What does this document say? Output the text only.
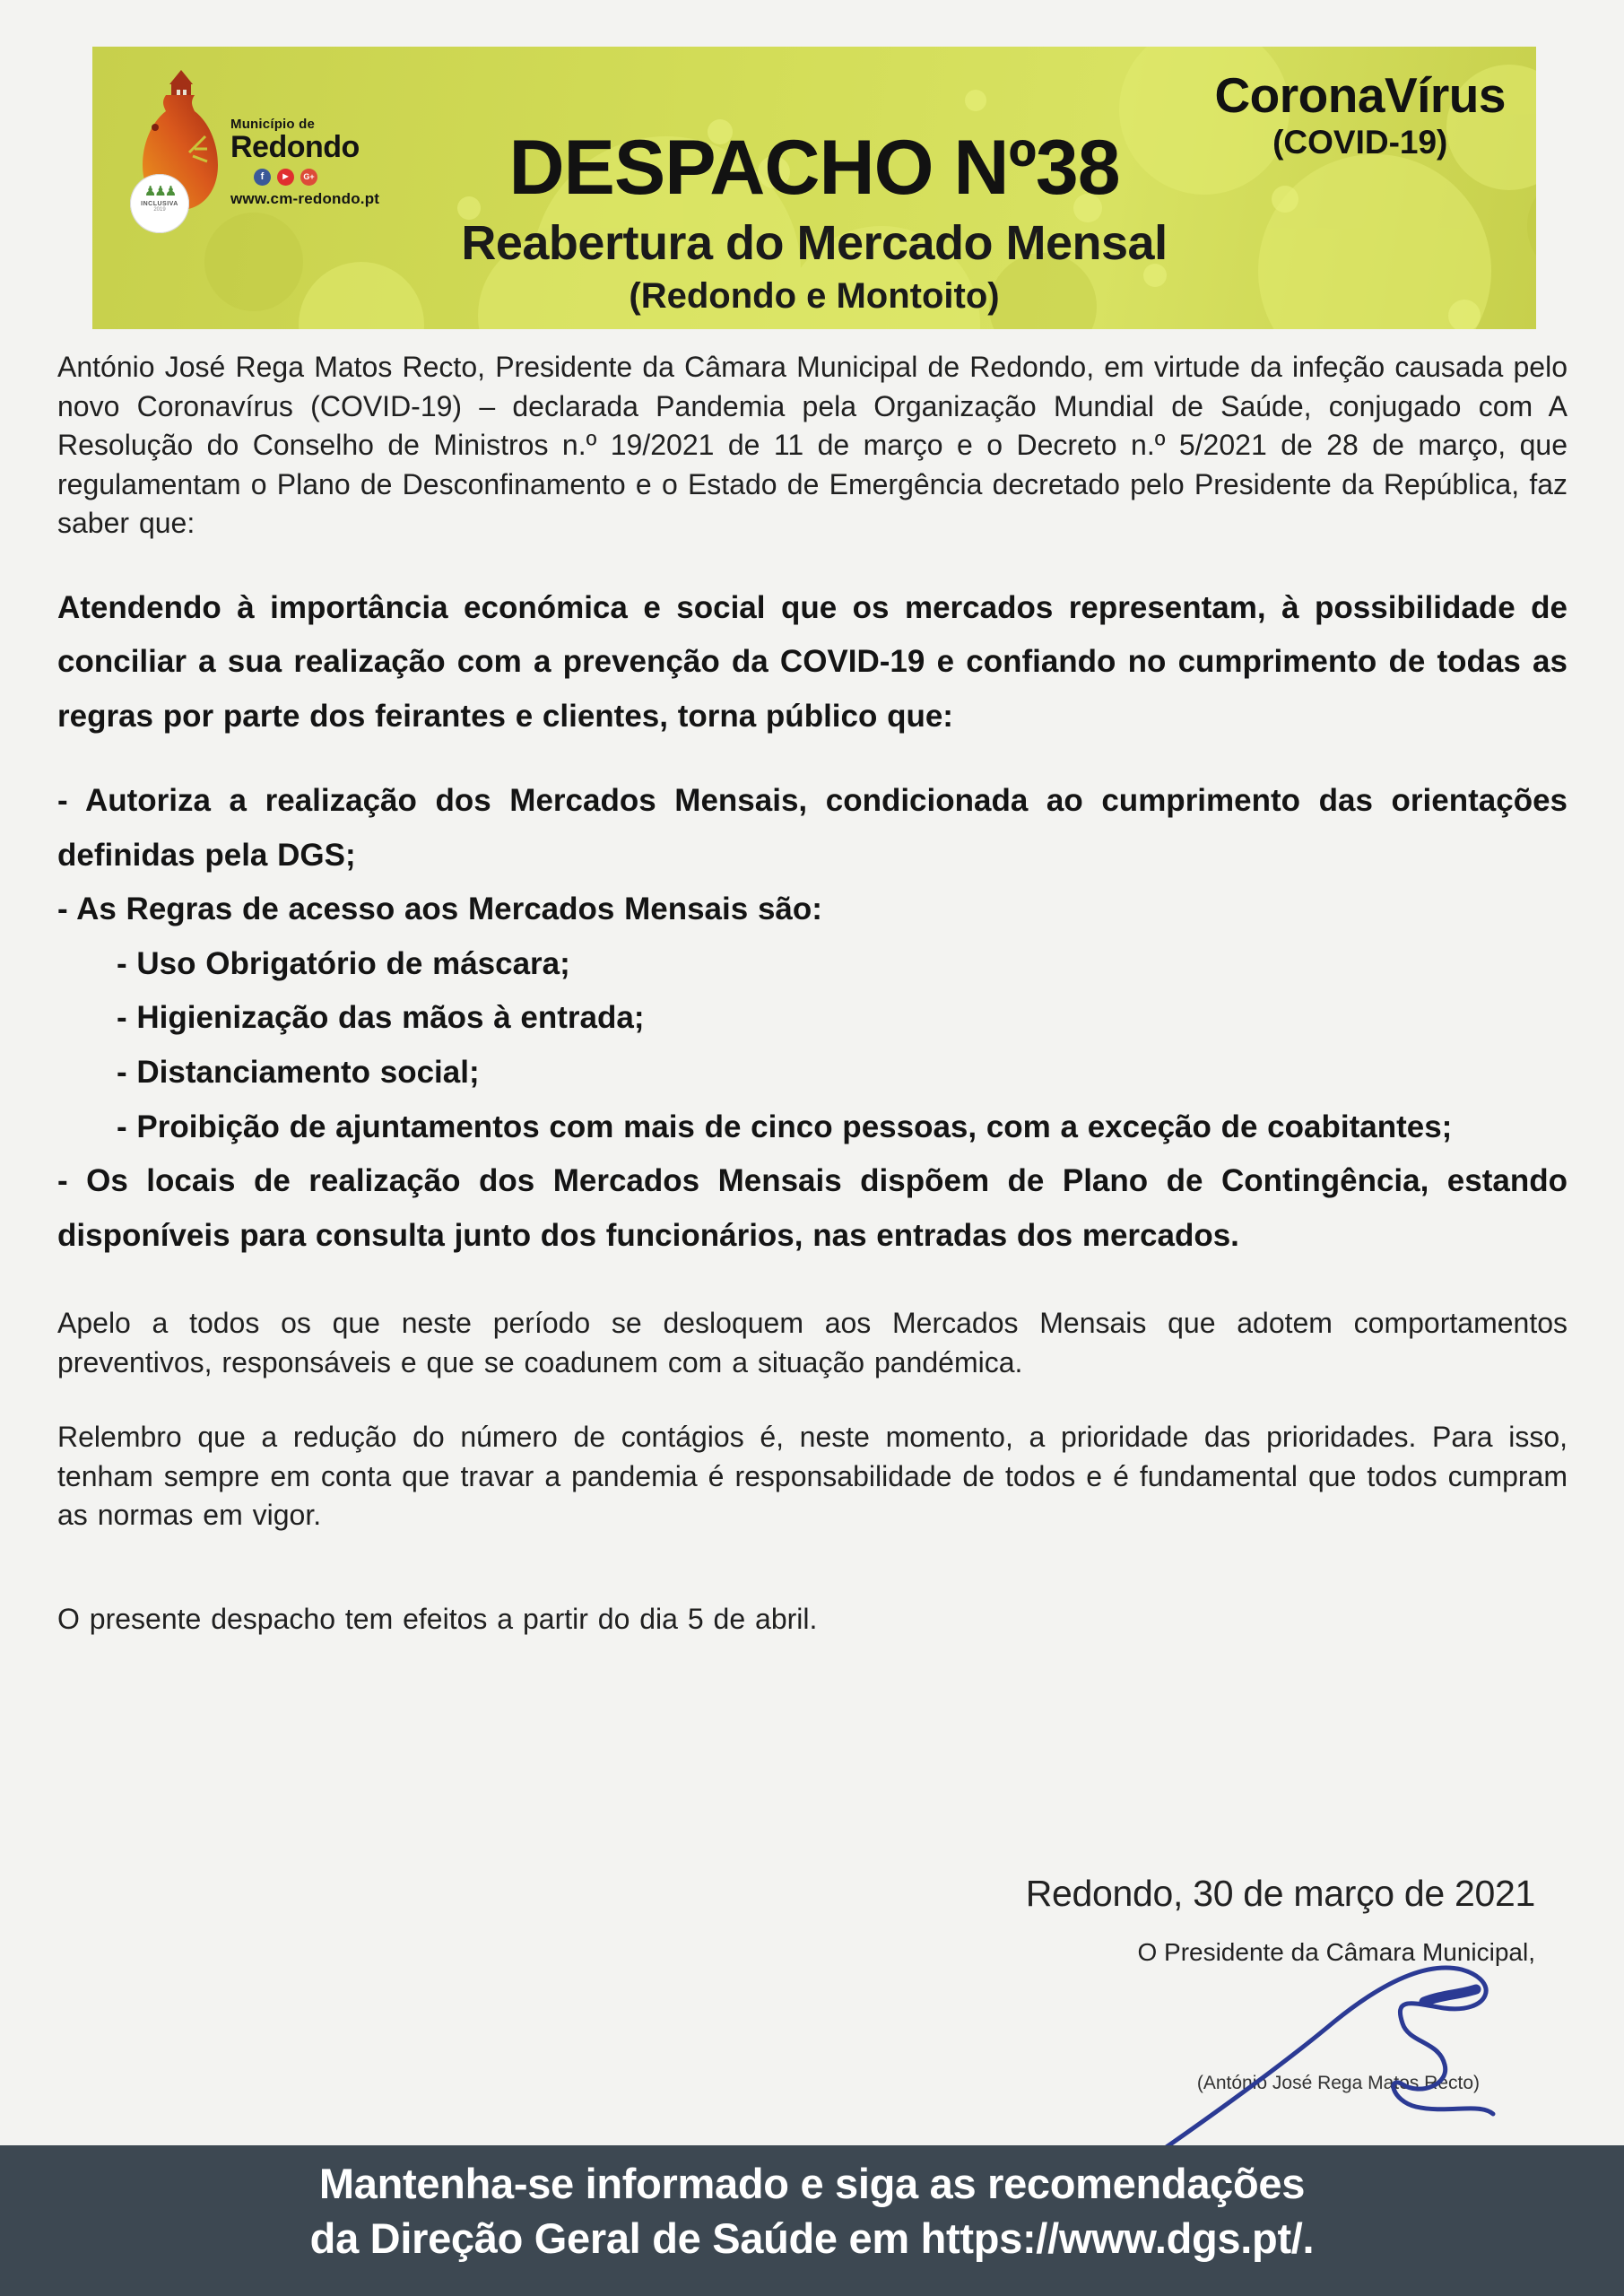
♟♟♟
INCLUSIVA
2019
Município de
Redondo
f	▶	G+
www.cm-redondo.pt	DESPACHO Nº38
Reabertura do Mercado Mensal
(Redondo e Montoito)
CoronaVírus
(COVID-19)

António José Rega Matos Recto, Presidente da Câmara Municipal de Redondo, em virtude da infeção causada pelo novo Coronavírus (COVID-19) – declarada Pandemia pela Organização Mundial de Saúde, conjugado com A Resolução do Conselho de Ministros n.º 19/2021 de 11 de março e o Decreto n.º 5/2021 de 28 de março, que regulamentam o Plano de Desconfinamento e o Estado de Emergência decretado pelo Presidente da República, faz saber que:

Atendendo à importância económica e social que os mercados representam, à possibilidade de conciliar a sua realização com a prevenção da COVID-19 e confiando no cumprimento de todas as regras por parte dos feirantes e clientes, torna público que:

- Autoriza a realização dos Mercados Mensais, condicionada ao cumprimento das orientações definidas pela DGS;

- As Regras de acesso aos Mercados Mensais são:

- Uso Obrigatório de máscara;

- Higienização das mãos à entrada;

- Distanciamento social;

- Proibição de ajuntamentos com mais de cinco pessoas, com a exceção de coabitantes;

- Os locais de realização dos Mercados Mensais dispõem de Plano de Contingência, estando disponíveis para consulta junto dos funcionários, nas entradas dos mercados.

Apelo a todos os que neste período se desloquem aos Mercados Mensais que adotem comportamentos preventivos, responsáveis e que se coadunem com a situação pandémica.

Relembro que a redução do número de contágios é, neste momento, a prioridade das prioridades. Para isso, tenham sempre em conta que travar a pandemia é responsabilidade de todos e é fundamental que todos cumpram as normas em vigor.

O presente despacho tem efeitos a partir do dia 5 de abril.

Redondo, 30 de março de 2021
O Presidente da Câmara Municipal,
(António José Rega Matos Recto)
Mantenha-se informado e siga as recomendações
da Direção Geral de Saúde em https://www.dgs.pt/.
